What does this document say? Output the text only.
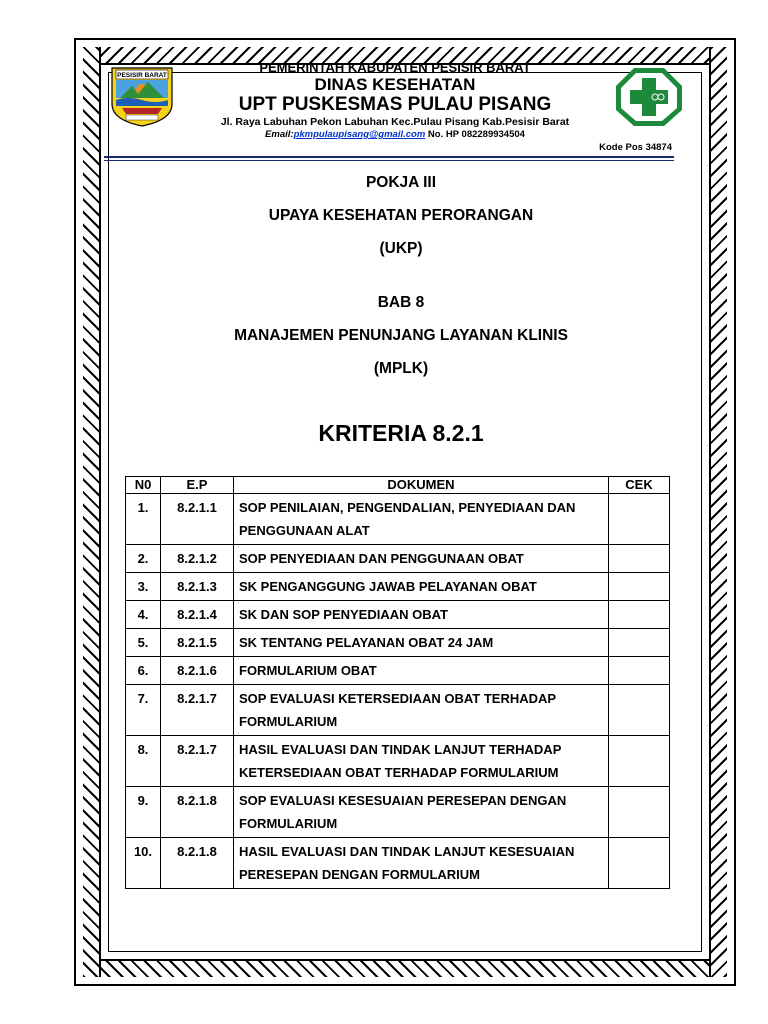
PESISIR BARAT
PEMERINTAH KABUPATEN PESISIR BARAT
DINAS KESEHATAN
UPT PUSKESMAS PULAU PISANG
Jl. Raya Labuhan Pekon Labuhan Kec.Pulau Pisang Kab.Pesisir Barat
Email:pkmpulaupisang@gmail.com No. HP 082289934504
Kode Pos 34874
POKJA III
UPAYA KESEHATAN PERORANGAN
(UKP)
BAB 8
MANAJEMEN PENUNJANG LAYANAN KLINIS
(MPLK)
KRITERIA 8.2.1
N0	E.P	DOKUMEN	CEK
1.	8.2.1.1	SOP PENILAIAN, PENGENDALIAN, PENYEDIAAN DAN PENGGUNAAN ALAT	
2.	8.2.1.2	SOP PENYEDIAAN DAN PENGGUNAAN OBAT	
3.	8.2.1.3	SK PENGANGGUNG JAWAB PELAYANAN OBAT	
4.	8.2.1.4	SK DAN SOP PENYEDIAAN OBAT	
5.	8.2.1.5	SK TENTANG PELAYANAN OBAT 24 JAM	
6.	8.2.1.6	FORMULARIUM OBAT	
7.	8.2.1.7	SOP EVALUASI KETERSEDIAAN OBAT TERHADAP FORMULARIUM	
8.	8.2.1.7	HASIL EVALUASI DAN TINDAK LANJUT TERHADAP KETERSEDIAAN OBAT TERHADAP FORMULARIUM	
9.	8.2.1.8	SOP EVALUASI KESESUAIAN PERESEPAN DENGAN FORMULARIUM	
10.	8.2.1.8	HASIL EVALUASI DAN TINDAK LANJUT KESESUAIAN PERESEPAN DENGAN FORMULARIUM	
